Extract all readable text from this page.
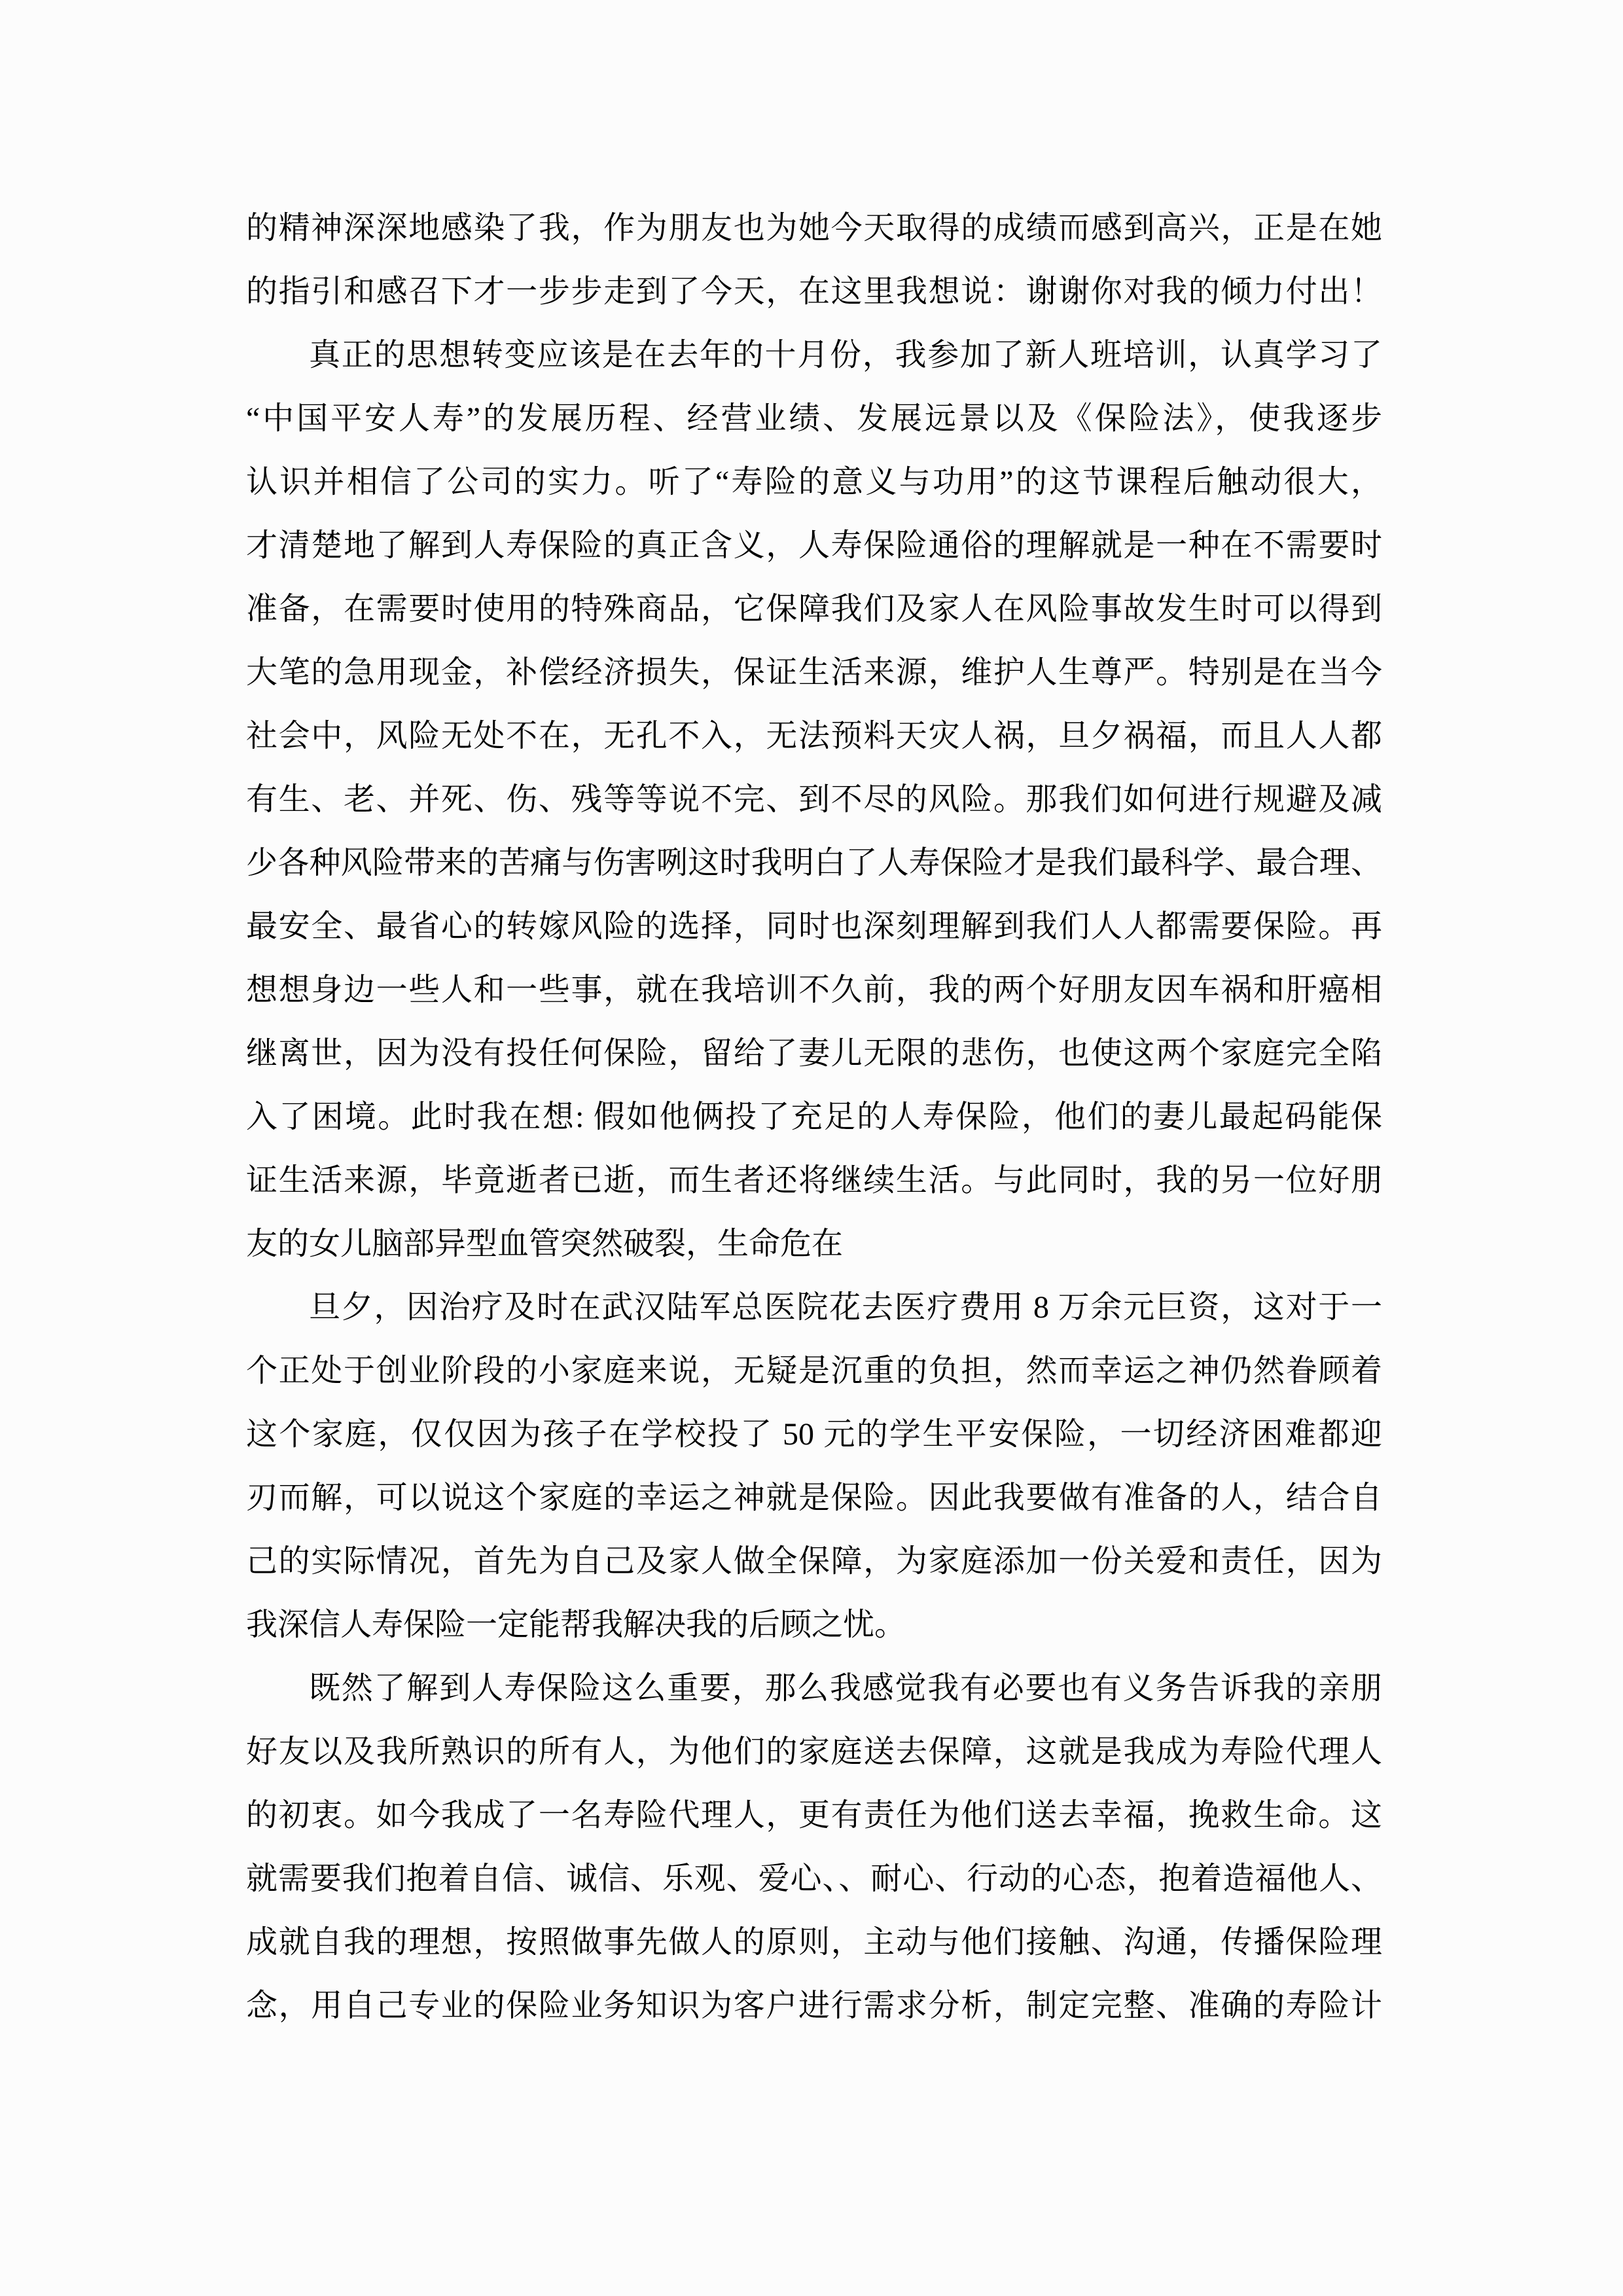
的精神深深地感染了我，作为朋友也为她今天取得的成绩而感到高兴，正是在她
的指引和感召下才一步步走到了今天，在这里我想说：谢谢你对我的倾力付出！
真正的思想转变应该是在去年的十月份，我参加了新人班培训，认真学习了
“中国平安人寿”的发展历程、经营业绩、发展远景以及《保险法》，使我逐步
认识并相信了公司的实力。听了“寿险的意义与功用”的这节课程后触动很大，
才清楚地了解到人寿保险的真正含义，人寿保险通俗的理解就是一种在不需要时
准备，在需要时使用的特殊商品，它保障我们及家人在风险事故发生时可以得到
大笔的急用现金，补偿经济损失，保证生活来源，维护人生尊严。特别是在当今
社会中，风险无处不在，无孔不入，无法预料天灾人祸，旦夕祸福，而且人人都
有生、老、并死、伤、残等等说不完、到不尽的风险。那我们如何进行规避及减
少各种风险带来的苦痛与伤害咧这时我明白了人寿保险才是我们最科学、最合理、
最安全、最省心的转嫁风险的选择，同时也深刻理解到我们人人都需要保险。再
想想身边一些人和一些事，就在我培训不久前，我的两个好朋友因车祸和肝癌相
继离世，因为没有投任何保险，留给了妻儿无限的悲伤，也使这两个家庭完全陷
入了困境。此时我在想: 假如他俩投了充足的人寿保险，他们的妻儿最起码能保
证生活来源，毕竟逝者已逝，而生者还将继续生活。与此同时，我的另一位好朋
友的女儿脑部异型血管突然破裂，生命危在
旦夕，因治疗及时在武汉陆军总医院花去医疗费用 8 万余元巨资，这对于一
个正处于创业阶段的小家庭来说，无疑是沉重的负担，然而幸运之神仍然眷顾着
这个家庭，仅仅因为孩子在学校投了 50 元的学生平安保险，一切经济困难都迎
刃而解，可以说这个家庭的幸运之神就是保险。因此我要做有准备的人，结合自
己的实际情况，首先为自己及家人做全保障，为家庭添加一份关爱和责任，因为
我深信人寿保险一定能帮我解决我的后顾之忧。
既然了解到人寿保险这么重要，那么我感觉我有必要也有义务告诉我的亲朋
好友以及我所熟识的所有人，为他们的家庭送去保障，这就是我成为寿险代理人
的初衷。如今我成了一名寿险代理人，更有责任为他们送去幸福，挽救生命。这
就需要我们抱着自信、诚信、乐观、爱心、、耐心、行动的心态，抱着造福他人、
成就自我的理想，按照做事先做人的原则，主动与他们接触、沟通，传播保险理
念，用自己专业的保险业务知识为客户进行需求分析，制定完整、准确的寿险计
